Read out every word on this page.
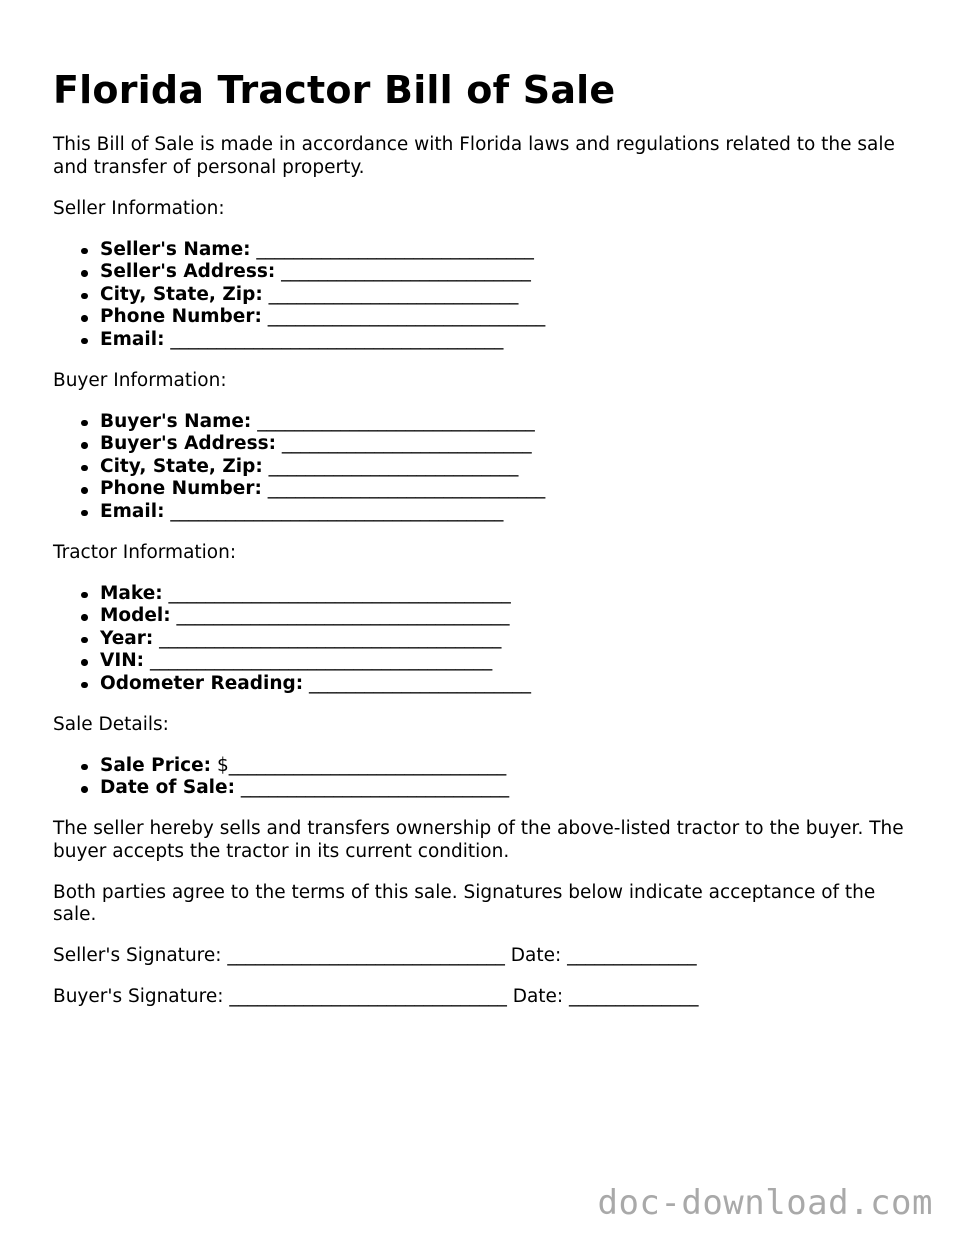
Florida Tractor Bill of Sale

This Bill of Sale is made in accordance with Florida laws and regulations related to the sale and transfer of personal property.

Seller Information:

Seller's Name: ______________________________
Seller's Address: ___________________________
City, State, Zip: ___________________________
Phone Number: ______________________________
Email: ____________________________________

Buyer Information:

Buyer's Name: ______________________________
Buyer's Address: ___________________________
City, State, Zip: ___________________________
Phone Number: ______________________________
Email: ____________________________________

Tractor Information:

Make: _____________________________________
Model: ____________________________________
Year: _____________________________________
VIN: _____________________________________
Odometer Reading: ________________________

Sale Details:

Sale Price: $______________________________
Date of Sale: _____________________________

The seller hereby sells and transfers ownership of the above-listed tractor to the buyer. The buyer accepts the tractor in its current condition.

Both parties agree to the terms of this sale. Signatures below indicate acceptance of the sale.

Seller's Signature: ______________________________ Date: ______________

Buyer's Signature: ______________________________ Date: ______________

doc-download.com
